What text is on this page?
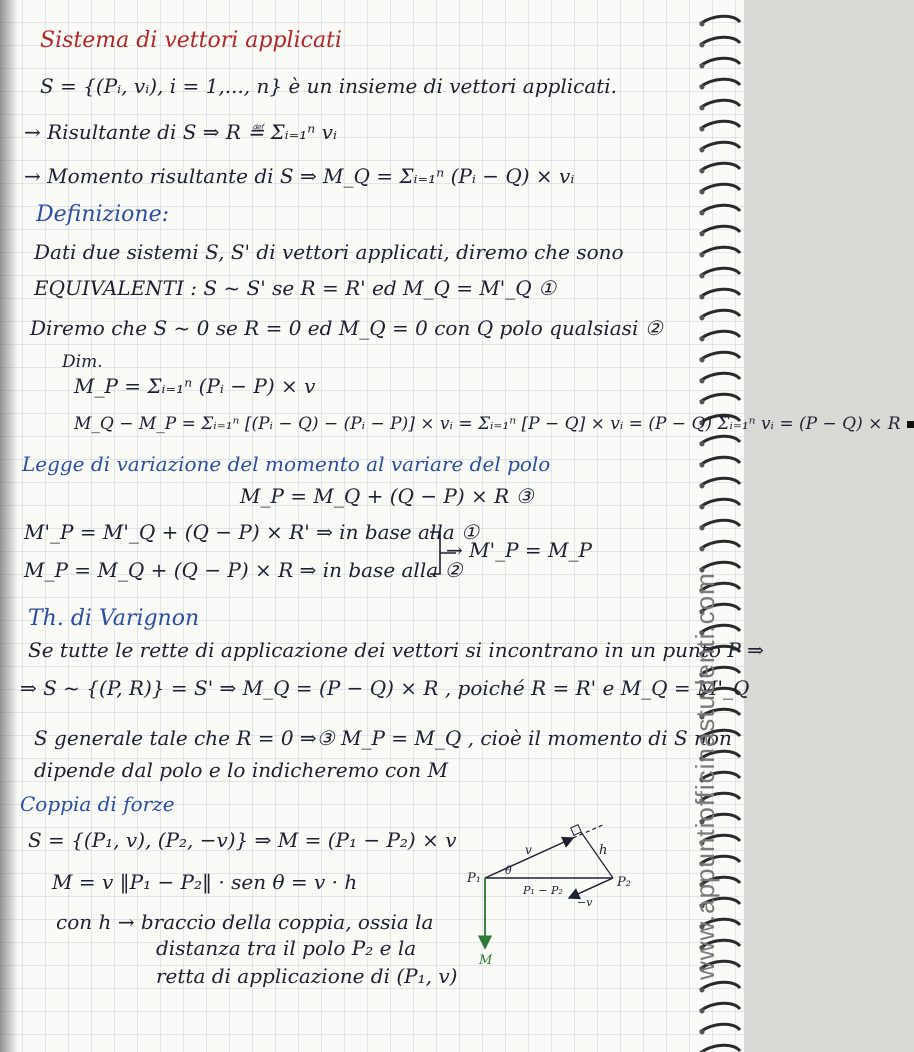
Sistema di vettori applicati
S = {(Pᵢ, vᵢ), i = 1,..., n} è un insieme di vettori applicati.
→ Risultante di S ⇒ R ≝ Σᵢ₌₁ⁿ vᵢ
→ Momento risultante di S ⇒ M_Q = Σᵢ₌₁ⁿ (Pᵢ − Q) × vᵢ
Definizione:
Dati due sistemi S, S' di vettori applicati, diremo che sono
EQUIVALENTI : S ~ S' se R = R' ed M_Q = M'_Q ①
Diremo che S ~ 0 se R = 0 ed M_Q = 0 con Q polo qualsiasi ②
Dim.
M_P = Σᵢ₌₁ⁿ (Pᵢ − P) × v
M_Q − M_P = Σᵢ₌₁ⁿ [(Pᵢ − Q) − (Pᵢ − P)] × vᵢ = Σᵢ₌₁ⁿ [P − Q] × vᵢ = (P − Q) Σᵢ₌₁ⁿ vᵢ = (P − Q) × R
Legge di variazione del momento al variare del polo
M_P = M_Q + (Q − P) × R ③
M'_P = M'_Q + (Q − P) × R' ⇒ in base alla ①
M_P = M_Q + (Q − P) × R ⇒ in base alla ②
→ M'_P = M_P
Th. di Varignon
Se tutte le rette di applicazione dei vettori si incontrano in un punto P ⇒
⇒ S ~ {(P, R)} = S' ⇒ M_Q = (P − Q) × R , poiché R = R' e M_Q = M'_Q
S generale tale che R = 0 ⇒③ M_P = M_Q , cioè il momento di S non
dipende dal polo e lo indicheremo con M
Coppia di forze
S = {(P₁, v), (P₂, −v)} ⇒ M = (P₁ − P₂) × v
M = v ‖P₁ − P₂‖ · sen θ = v · h
con h → braccio della coppia, ossia la
distanza tra il polo P₂ e la
retta di applicazione di (P₁, v)
P₁	P₂
v
θ
h
P₁ − P₂
−v
M	www.appuntiofficinastudenti.com
